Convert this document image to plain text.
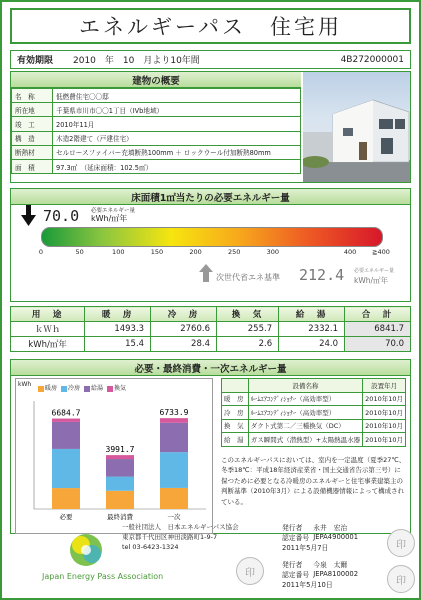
エネルギーパス　住宅用
有効期限	2010　年　10　月より10年間	4B272000001
建物の概要
名　称	低燃費住宅〇〇邸
所在地	千葉県市川市〇〇1丁目（IVb地域）
竣　工	2010年11月
構　造	木造2階建て（戸建住宅）
断熱材	セルロースファイバー充填断熱100mm ＋ ロックウール付加断熱80mm
面　積	97.3㎡　（延床面積：102.5㎡）
床面積1㎡当たりの必要エネルギー量
70.0 必要エネルギー量
kWh/㎡年
0	50	100	150	200	250	300	400 ≧400
次世代省エネ基準 212.4 必要エネルギー量
kWh/㎡年
用　途	暖　房	冷　房	換　気	給　湯	合　計
ｋＷｈ	1493.3	2760.6	255.7	2332.1	6841.7
kWh/㎡年	15.4	28.4	2.6	24.0	70.0
必要・最終消費・一次エネルギー量
kWh
暖房	冷房	給湯	換気
6684.7
必要
3991.7
最終消費
6733.9
一次
	設備名称	設置年月
暖　房	ﾙｰﾑｴｱｺﾝﾃﾞｨｼｮﾅｰ（高効率型）	2010年10月
冷　房	ﾙｰﾑｴｱｺﾝﾃﾞｨｼｮﾅｰ（高効率型）	2010年10月
換　気	ダクト式第二／三種換気（DC）	2010年10月
給　湯	ガス瞬間式（潜熱型）+太陽熱温水器	2010年10月
このエネルギーパスにおいては、室内を一定温度（夏季27℃、冬季18℃：平成18年経済産業省・国土交通省告示第三号）に保つために必要となる冷暖房のエネルギーと住宅事業建築主の判断基準（2010年3月）による設備機器情報によって構成されている。
Japan Energy Pass Association
一般社団法人　日本エネルギーパス協会
東京都千代田区神田淡路町1-9-7
tel 03-6423-1324
印
発行者	永井　宏治
認定番号	JEPA4900001
2011年5月7日	
発行者	今泉　太爾
認定番号	JEPA8100002
2011年5月10日	
印
印
